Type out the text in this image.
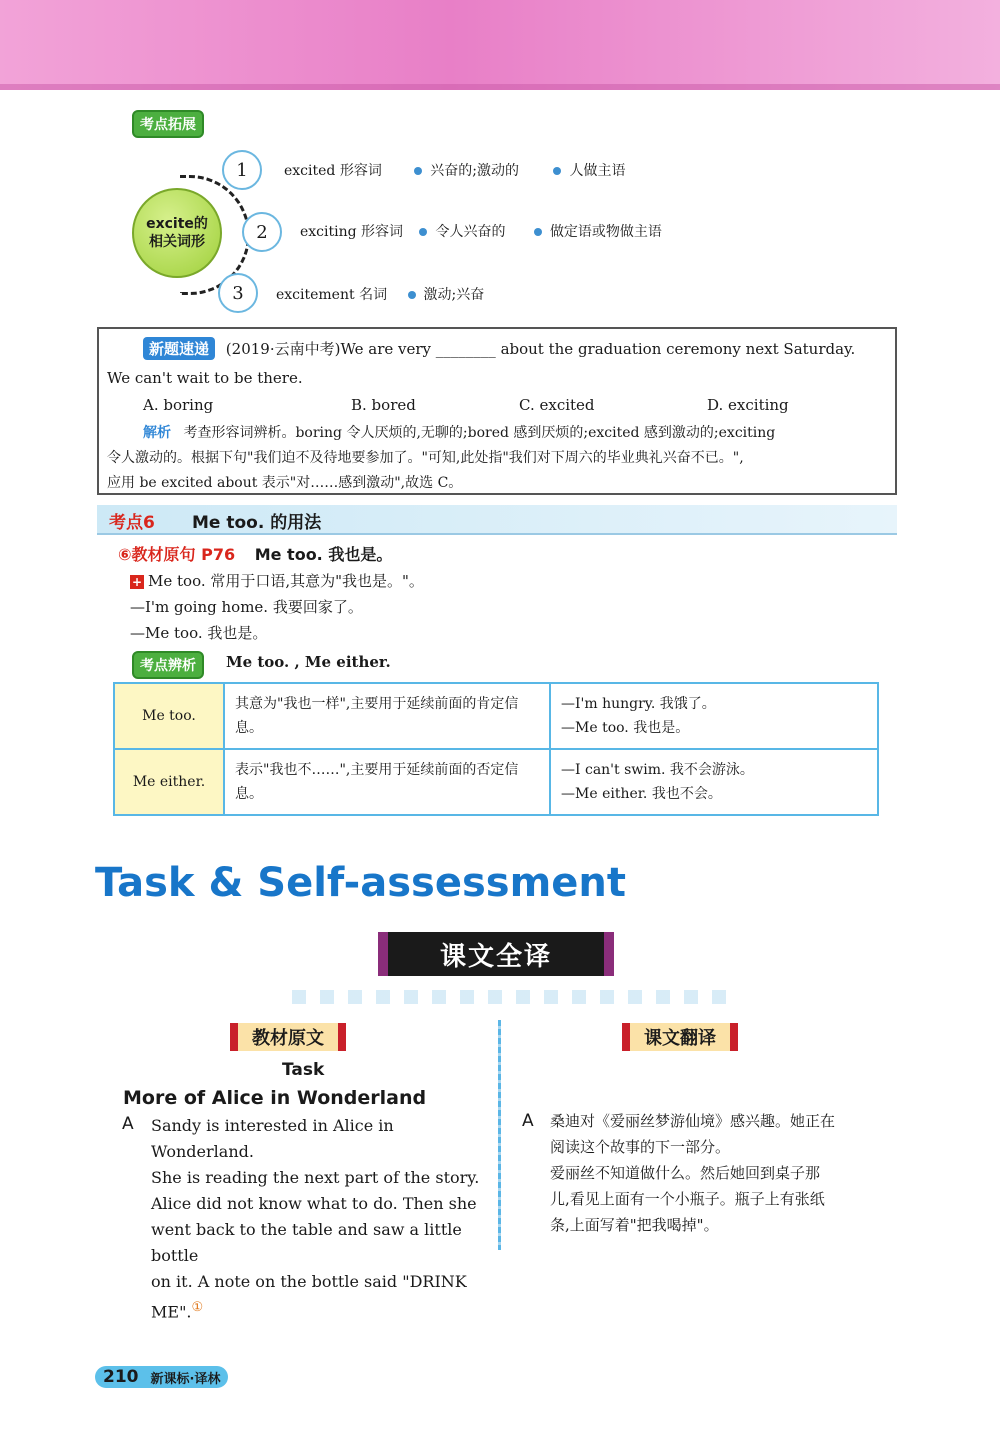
考点拓展
excite的相关词形
1	excited 形容词	兴奋的;激动的	人做主语
2	exciting 形容词 令人兴奋的	做定语或物做主语
3	excitement 名词	激动;兴奋
新题速递 (2019·云南中考)We are very ________ about the graduation ceremony next Saturday.
We can't wait to be there.
A. boring	B. bored	C. excited	D. exciting
解析 考查形容词辨析。boring 令人厌烦的,无聊的;bored 感到厌烦的;excited 感到激动的;exciting
令人激动的。根据下句"我们迫不及待地要参加了。"可知,此处指"我们对下周六的毕业典礼兴奋不已。",
应用 be excited about 表示"对……感到激动",故选 C。
考点6 Me too. 的用法
⑥教材原句 P76 Me too. 我也是。
+ Me too. 常用于口语,其意为"我也是。"。
—I'm going home. 我要回家了。
—Me too. 我也是。
考点辨析	Me too. , Me either.
Me too.	其意为"我也一样",主要用于延续前面的肯定信息。	—I'm hungry. 我饿了。
—Me too. 我也是。

Me either.	表示"我也不……",主要用于延续前面的否定信息。	—I can't swim. 我不会游泳。
—Me either. 我也不会。
Task & Self-assessment
课文全译
教材原文
Task
More of Alice in Wonderland
A Sandy is interested in Alice in Wonderland.
She is reading the next part of the story.
Alice did not know what to do. Then she
went back to the table and saw a little bottle
on it. A note on the bottle said "DRINK
ME".①
课文翻译
A 桑迪对《爱丽丝梦游仙境》感兴趣。她正在
阅读这个故事的下一部分。
爱丽丝不知道做什么。然后她回到桌子那
儿,看见上面有一个小瓶子。瓶子上有张纸
条,上面写着"把我喝掉"。
210 新课标·译林
